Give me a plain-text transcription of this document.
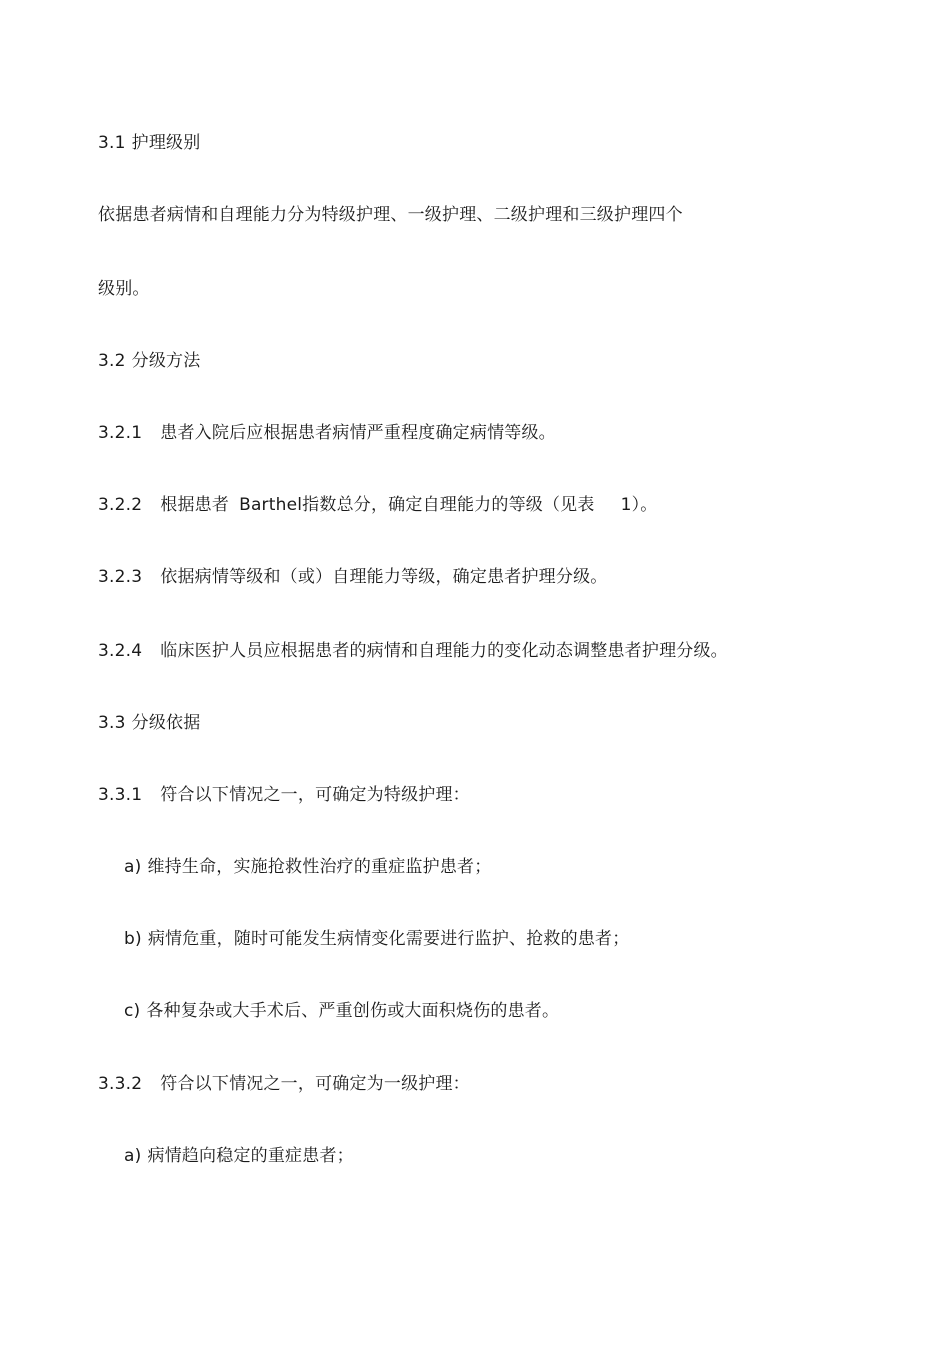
3.1 护理级别
依据患者病情和自理能力分为特级护理、一级护理、二级护理和三级护理四个
级别。
3.2 分级方法
3.2.1 患者入院后应根据患者病情严重程度确定病情等级。
3.2.2 根据患者 Barthel指数总分，确定自理能力的等级（见表 1）。
3.2.3 依据病情等级和（或）自理能力等级，确定患者护理分级。
3.2.4 临床医护人员应根据患者的病情和自理能力的变化动态调整患者护理分级。
3.3 分级依据
3.3.1 符合以下情况之一，可确定为特级护理：
a) 维持生命，实施抢救性治疗的重症监护患者；
b) 病情危重，随时可能发生病情变化需要进行监护、抢救的患者；
c) 各种复杂或大手术后、严重创伤或大面积烧伤的患者。
3.3.2 符合以下情况之一，可确定为一级护理：
a) 病情趋向稳定的重症患者；
